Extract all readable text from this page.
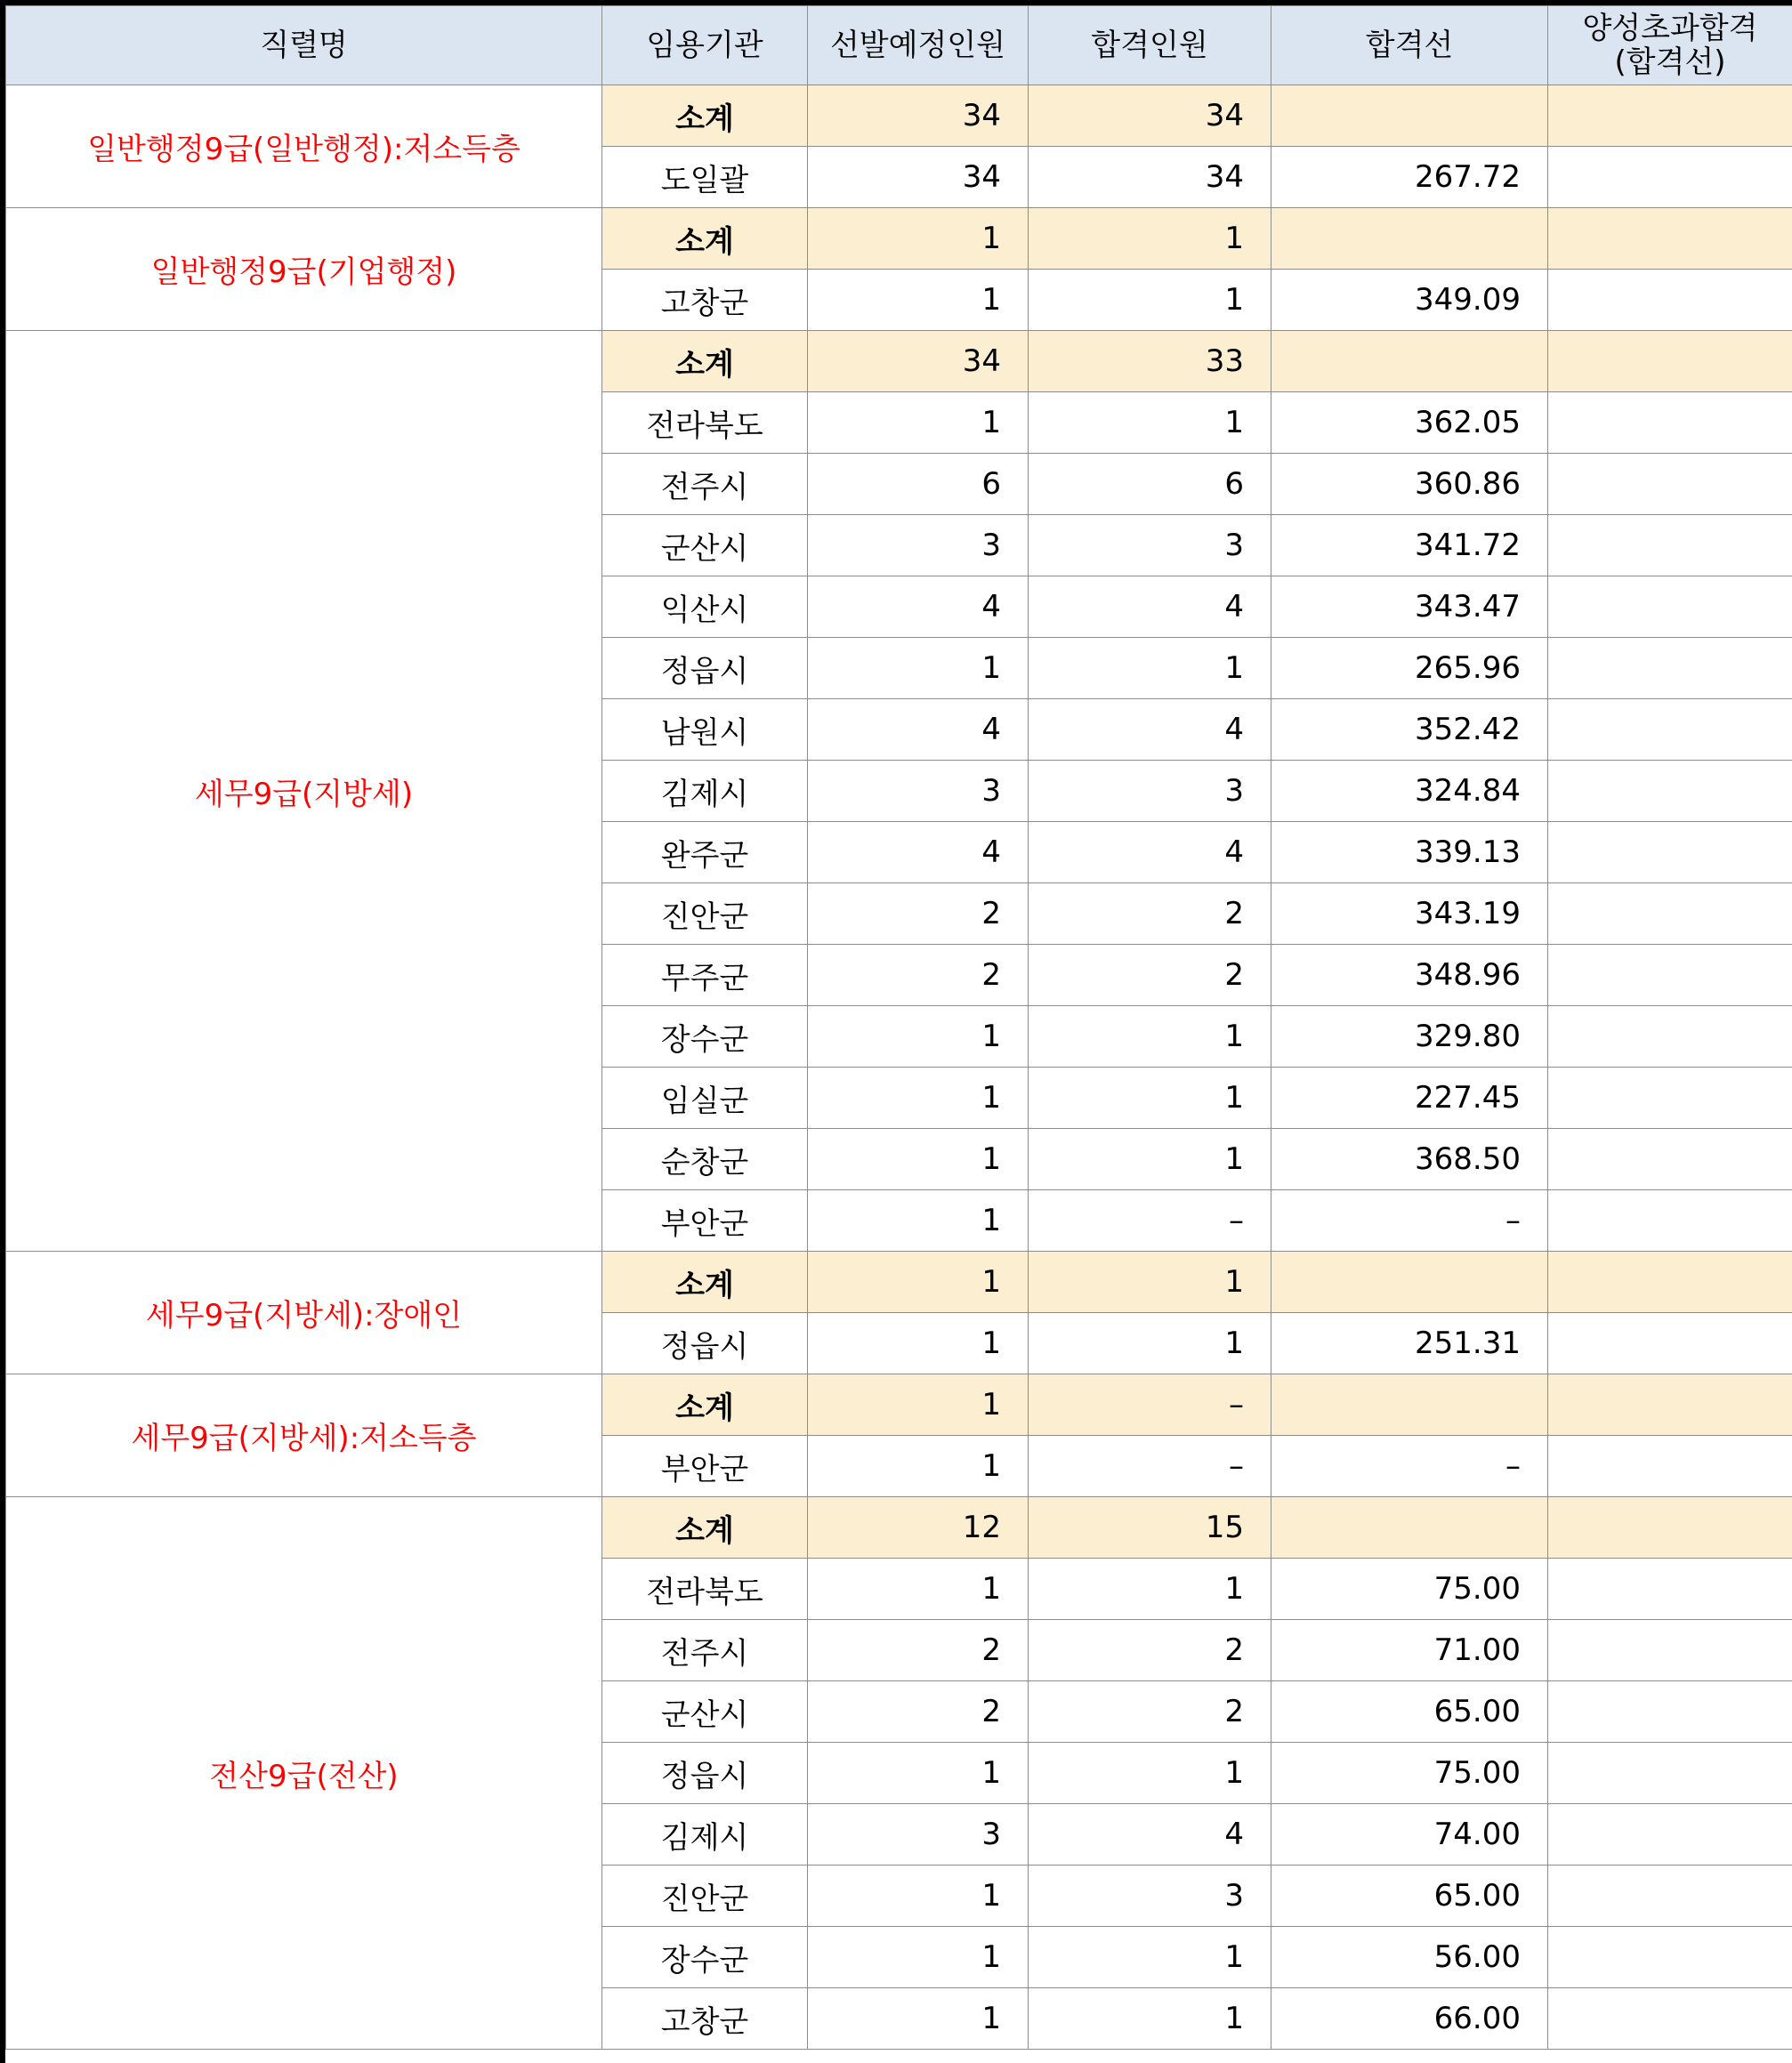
직렬명	임용기관	선발예정인원	합격인원	합격선	양성초과합격
(합격선)
일반행정9급(일반행정):저소득층	소계	34	34		
	도일괄	34	34	267.72	
일반행정9급(기업행정)	소계	1	1		
	고창군	1	1	349.09	
세무9급(지방세)	소계	34	33		
	전라북도	1	1	362.05	
	전주시	6	6	360.86	
	군산시	3	3	341.72	
	익산시	4	4	343.47	
	정읍시	1	1	265.96	
	남원시	4	4	352.42	
	김제시	3	3	324.84	
	완주군	4	4	339.13	
	진안군	2	2	343.19	
	무주군	2	2	348.96	
	장수군	1	1	329.80	
	임실군	1	1	227.45	
	순창군	1	1	368.50	
	부안군	1	–	–	
세무9급(지방세):장애인	소계	1	1		
	정읍시	1	1	251.31	
세무9급(지방세):저소득층	소계	1	–		
	부안군	1	–	–	
전산9급(전산)	소계	12	15		
	전라북도	1	1	75.00	
	전주시	2	2	71.00	
	군산시	2	2	65.00	
	정읍시	1	1	75.00	
	김제시	3	4	74.00	
	진안군	1	3	65.00	
	장수군	1	1	56.00	
	고창군	1	1	66.00	
